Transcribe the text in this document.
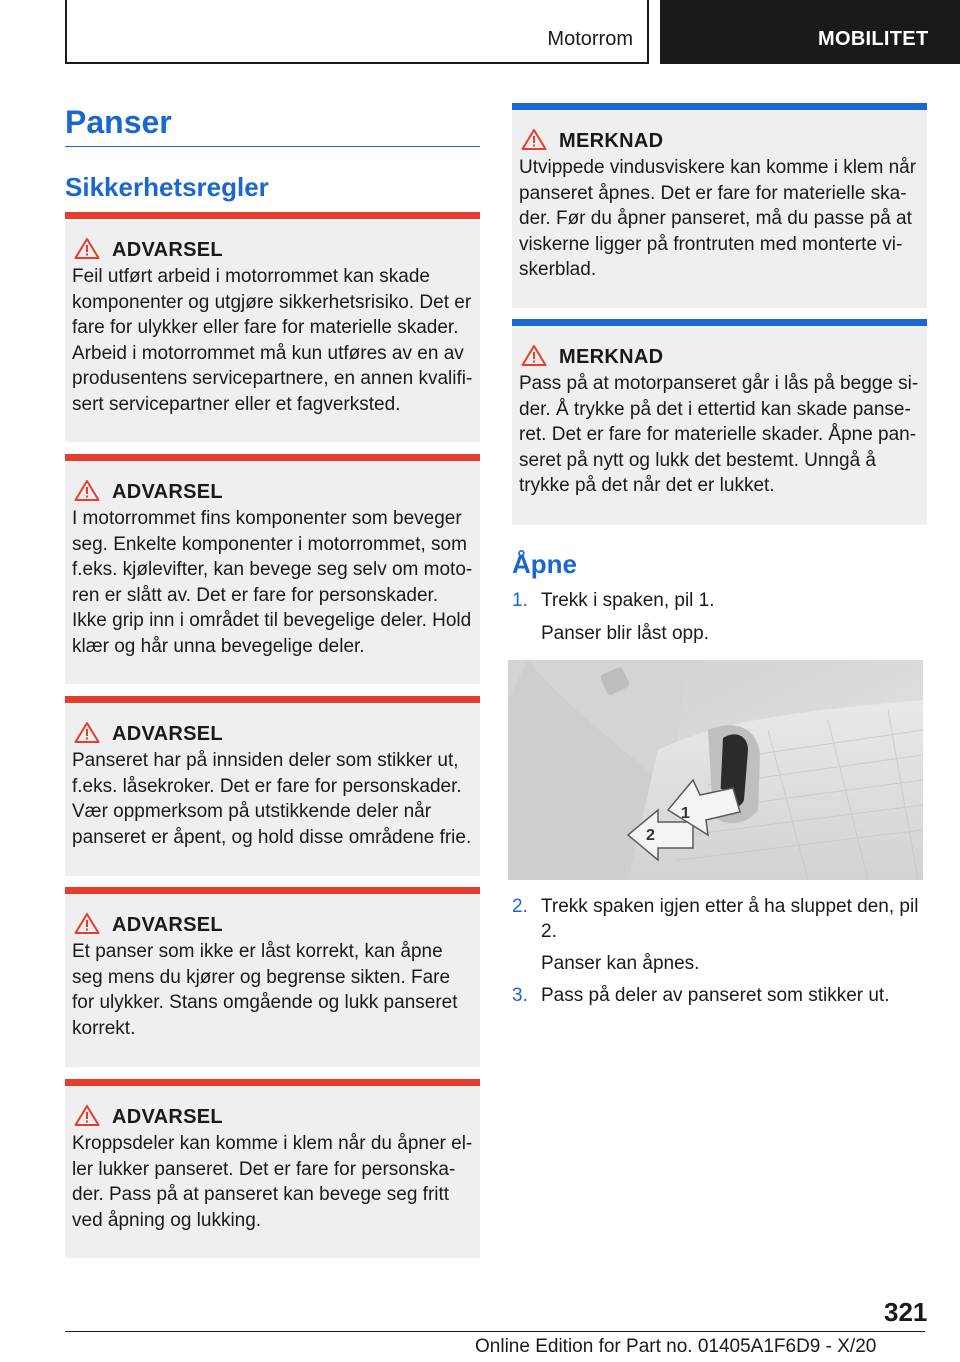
Motorrom	MOBILITET
Panser
Sikkerhetsregler
ADVARSEL
Feil utført arbeid i motorrommet kan skade komponenter og utgjøre sikkerhetsrisiko. Det er fare for ulykker eller fare for materielle skader. Arbeid i motorrommet må kun utføres av en av produsentens servicepartnere, en annen kvalifisert servicepartner eller et fagverksted.
ADVARSEL
I motorrommet fins komponenter som beveger seg. Enkelte komponenter i motorrommet, som f.eks. kjølevifter, kan bevege seg selv om motoren er slått av. Det er fare for personskader. Ikke grip inn i området til bevegelige deler. Hold klær og hår unna bevegelige deler.
ADVARSEL
Panseret har på innsiden deler som stikker ut, f.eks. låsekroker. Det er fare for personskader. Vær oppmerksom på utstikkende deler når panseret er åpent, og hold disse områdene frie.
ADVARSEL
Et panser som ikke er låst korrekt, kan åpne seg mens du kjører og begrense sikten. Fare for ulykker. Stans omgående og lukk panseret korrekt.
ADVARSEL
Kroppsdeler kan komme i klem når du åpner eller lukker panseret. Det er fare for personskader. Pass på at panseret kan bevege seg fritt ved åpning og lukking.
MERKNAD
Utvippede vindusviskere kan komme i klem når panseret åpnes. Det er fare for materielle skader. Før du åpner panseret, må du passe på at viskerne ligger på frontruten med monterte viskerblad.
MERKNAD
Pass på at motorpanseret går i lås på begge sider. Å trykke på det i ettertid kan skade panseret. Det er fare for materielle skader. Åpne panseret på nytt og lukk det bestemt. Unngå å trykke på det når det er lukket.
Åpne
1. Trekk i spaken, pil 1.
Panser blir låst opp.
2
1
2. Trekk spaken igjen etter å ha sluppet den, pil 2.
Panser kan åpnes.
3. Pass på deler av panseret som stikker ut.
321
Online Edition for Part no. 01405A1F6D9 - X/20
